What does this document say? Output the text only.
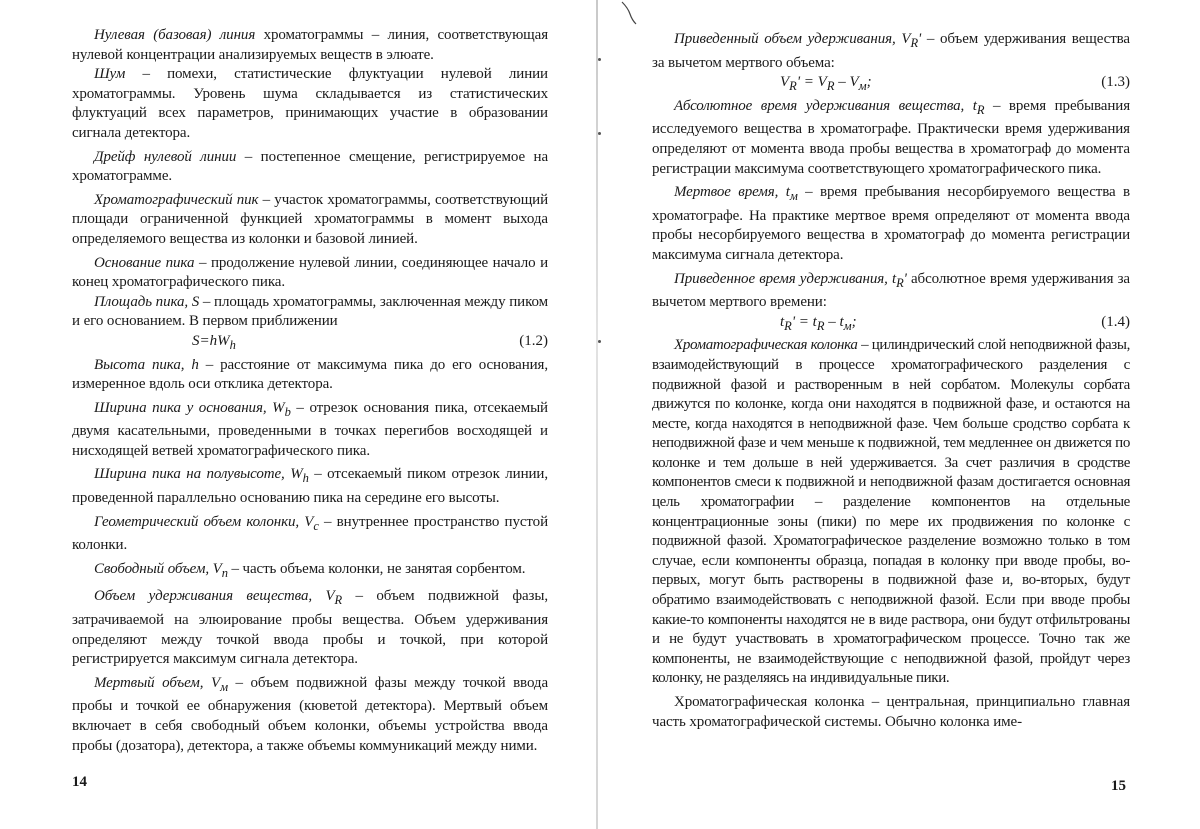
Нулевая (базовая) линия хроматограммы – линия, соответствующая нулевой концентрации анализируемых веществ в элюате.

Шум – помехи, статистические флуктуации нулевой линии хроматограммы. Уровень шума складывается из статистических флуктуаций всех параметров, принимающих участие в образовании сигнала детектора.

Дрейф нулевой линии – постепенное смещение, регистрируемое на хроматограмме.

Хроматографический пик – участок хроматограммы, соответствующий площади ограниченной функцией хроматограммы в момент выхода определяемого вещества из колонки и базовой линией.

Основание пика – продолжение нулевой линии, соединяющее начало и конец хроматографического пика.

Площадь пика, S – площадь хроматограммы, заключенная между пиком и его основанием. В первом приближении

$S=hW_h$	(1.2)

Высота пика, h – расстояние от максимума пика до его основания, измеренное вдоль оси отклика детектора.

Ширина пика у основания, $W_b$ – отрезок основания пика, отсекаемый двумя касательными, проведенными в точках перегибов восходящей и нисходящей ветвей хроматографического пика.

Ширина пика на полувысоте, $W_h$ – отсекаемый пиком отрезок линии, проведенной параллельно основанию пика на середине его высоты.

Геометрический объем колонки, $V_c$ – внутреннее пространство пустой колонки.

Свободный объем, $V_п$ – часть объема колонки, не занятая сорбентом.

Объем удерживания вещества, $V_R$ – объем подвижной фазы, затрачиваемой на элюирование пробы вещества. Объем удерживания определяют между точкой ввода пробы и точкой, при которой регистрируется максимум сигнала детектора.

Мертвый объем, $V_м$ – объем подвижной фазы между точкой ввода пробы и точкой ее обнаружения (кюветой детектора). Мертвый объем включает в себя свободный объем колонки, объемы устройства ввода пробы (дозатора), детектора, а также объемы коммуникаций между ними.

14

Приведенный объем удерживания, $V_R'$ – объем удерживания вещества за вычетом мертвого объема:

$V_R' = V_R - V_м$;	(1.3)

Абсолютное время удерживания вещества, $t_R$ – время пребывания исследуемого вещества в хроматографе. Практически время удерживания определяют от момента ввода пробы вещества в хроматограф до момента регистрации максимума соответствующего хроматографического пика.

Мертвое время, $t_м$ – время пребывания несорбируемого вещества в хроматографе. На практике мертвое время определяют от момента ввода пробы несорбируемого вещества в хроматограф до момента регистрации максимума сигнала детектора.

Приведенное время удерживания, $t_R'$ абсолютное время удерживания за вычетом мертвого времени:

$t_R' = t_R - t_м$;	(1.4)

Хроматографическая колонка – цилиндрический слой неподвижной фазы, взаимодействующий в процессе хроматографического разделения с подвижной фазой и растворенным в ней сорбатом. Молекулы сорбата движутся по колонке, когда они находятся в подвижной фазе, и остаются на месте, когда находятся в неподвижной фазе. Чем больше сродство сорбата к неподвижной фазе и чем меньше к подвижной, тем медленнее он движется по колонке и тем дольше в ней удерживается. За счет различия в сродстве компонентов смеси к подвижной и неподвижной фазам достигается основная цель хроматографии – разделение компонентов на отдельные концентрационные зоны (пики) по мере их продвижения по колонке с подвижной фазой. Хроматографическое разделение возможно только в том случае, если компоненты образца, попадая в колонку при вводе пробы, во-первых, могут быть растворены в подвижной фазе и, во-вторых, будут обратимо взаимодействовать с неподвижной фазой. Если при вводе пробы какие-то компоненты находятся не в виде раствора, они будут отфильтрованы и не будут участвовать в хроматографическом процессе. Точно так же компоненты, не взаимодействующие с неподвижной фазой, пройдут через колонку, не разделяясь на индивидуальные пики.

Хроматографическая колонка – центральная, принципиально главная часть хроматографической системы. Обычно колонка име-

15
